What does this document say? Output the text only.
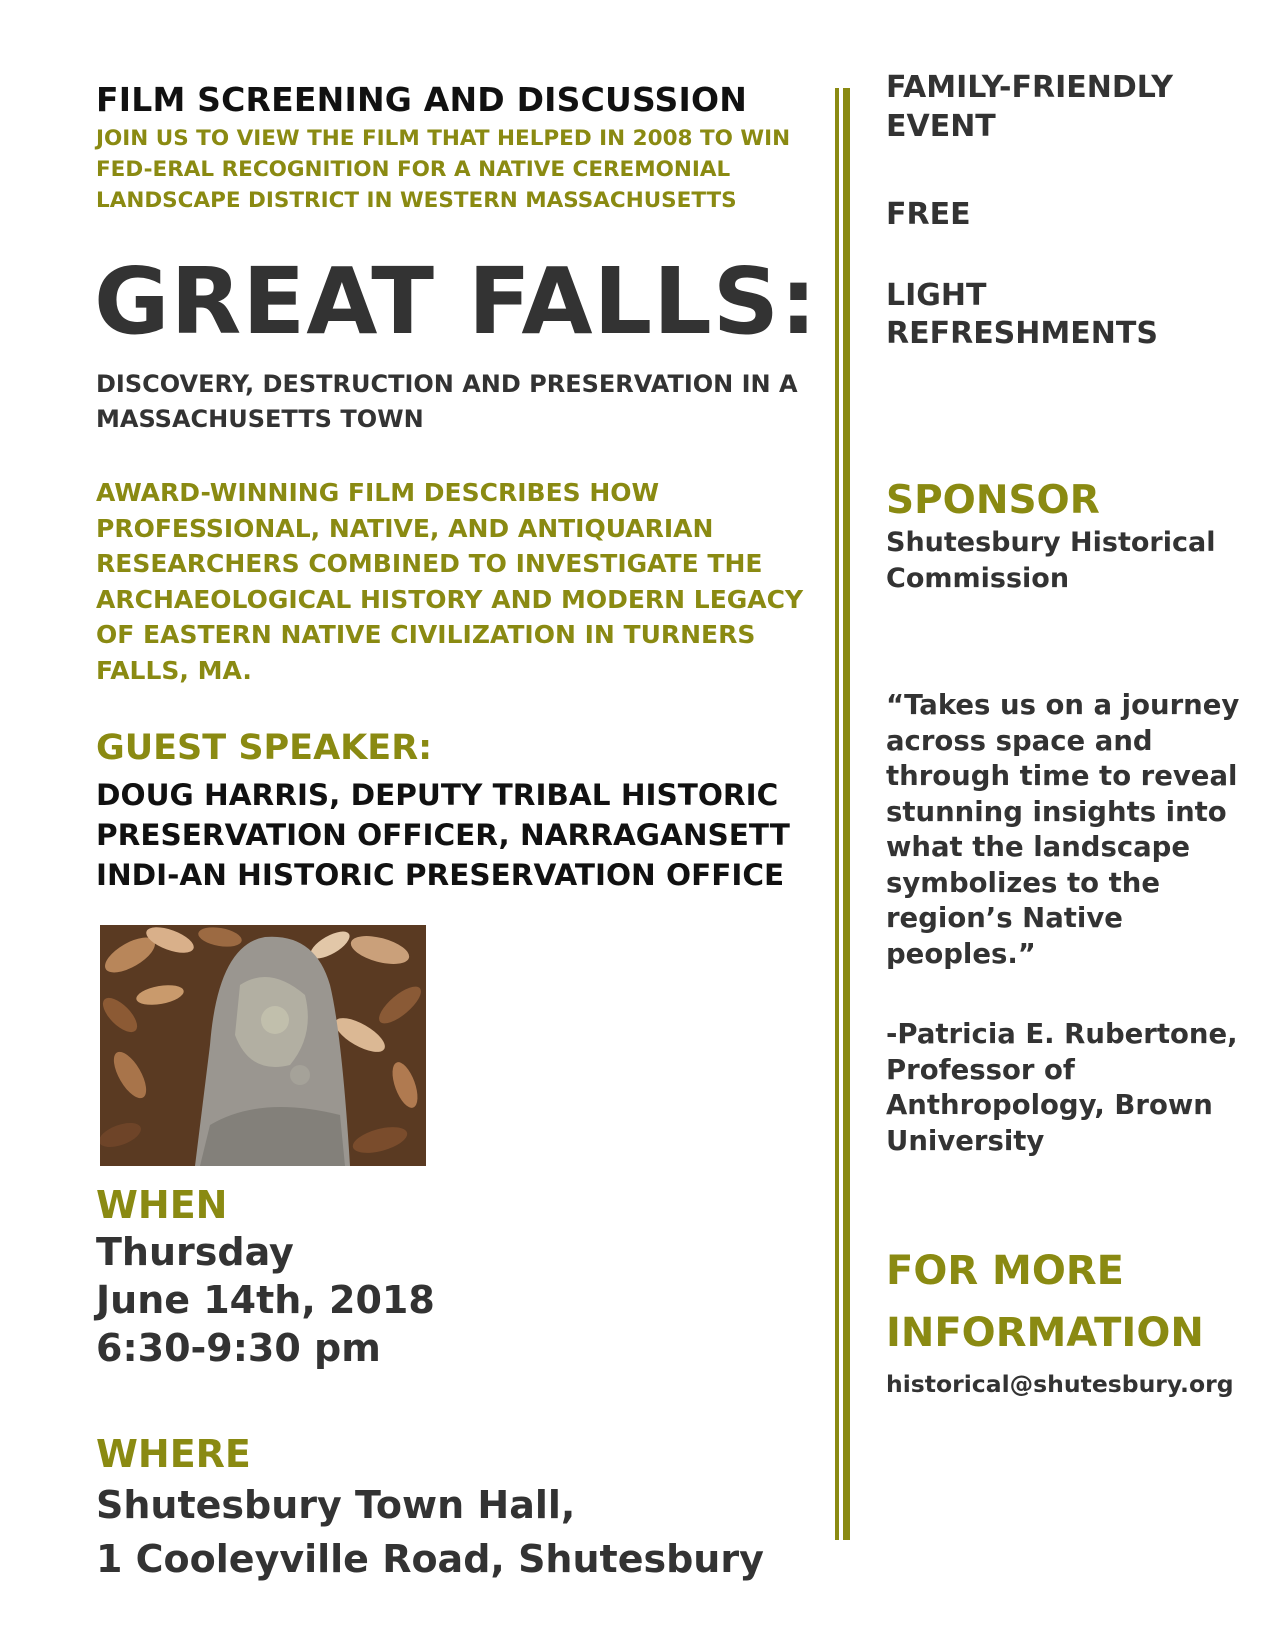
FILM SCREENING AND DISCUSSION
JOIN US TO VIEW THE FILM THAT HELPED IN 2008 TO WIN FED-ERAL RECOGNITION FOR A NATIVE CEREMONIAL LANDSCAPE DISTRICT IN WESTERN MASSACHUSETTS
GREAT FALLS:
DISCOVERY, DESTRUCTION AND PRESERVATION IN A MASSACHUSETTS TOWN
AWARD-WINNING FILM DESCRIBES HOW PROFESSIONAL, NATIVE, AND ANTIQUARIAN RESEARCHERS COMBINED TO INVESTIGATE THE ARCHAEOLOGICAL HISTORY AND MODERN LEGACY OF EASTERN NATIVE CIVILIZATION IN TURNERS FALLS, MA.
GUEST SPEAKER:
DOUG HARRIS, DEPUTY TRIBAL HISTORIC PRESERVATION OFFICER, NARRAGANSETT INDI-AN HISTORIC PRESERVATION OFFICE
WHEN
Thursday
June 14th, 2018
6:30-9:30 pm
WHERE
Shutesbury Town Hall,
1 Cooleyville Road, Shutesbury
FAMILY-FRIENDLY EVENT
FREE
LIGHT REFRESHMENTS
SPONSOR
Shutesbury Historical Commission
“Takes us on a journey across space and through time to reveal stunning insights into what the landscape symbolizes to the region’s Native peoples.”
-Patricia E. Rubertone, Professor of Anthropology, Brown University
FOR MORE INFORMATION
historical@shutesbury.org
